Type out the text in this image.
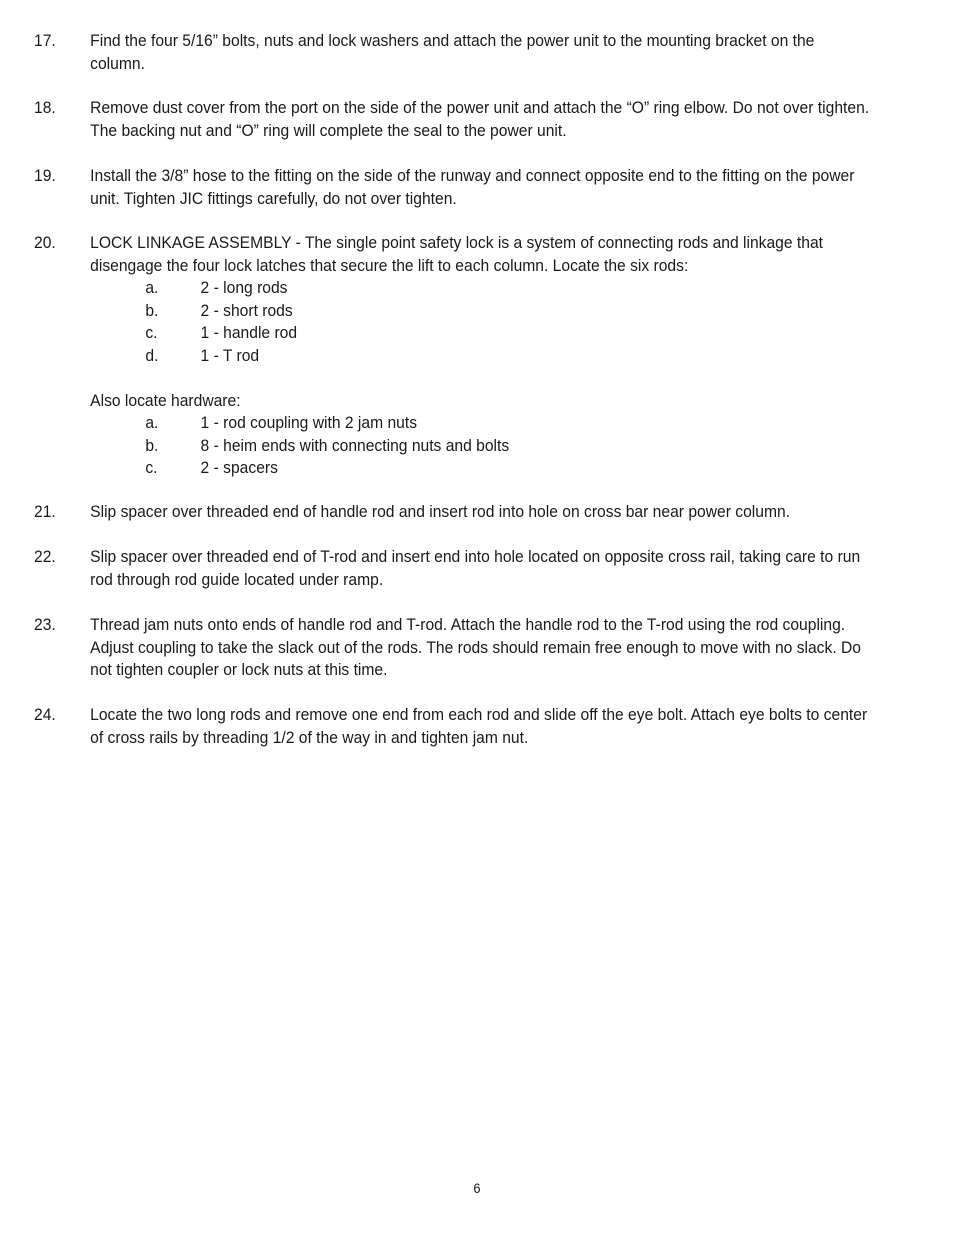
17. Find the four 5/16” bolts, nuts and lock washers and attach the power unit to the mounting bracket on the column.
18. Remove dust cover from the port on the side of the power unit and attach the “O” ring elbow. Do not over tighten. The backing nut and “O” ring will complete the seal to the power unit.
19. Install the 3/8” hose to the fitting on the side of the runway and connect opposite end to the fitting on the power unit. Tighten JIC fittings carefully, do not over tighten.
20. LOCK LINKAGE ASSEMBLY - The single point safety lock is a system of connecting rods and linkage that disengage the four lock latches that secure the lift to each column. Locate the six rods:
a. 2 - long rods
b. 2 - short rods
c.	1 - handle rod
d. 1 - T rod
Also locate hardware:
a. 1 - rod coupling with 2 jam nuts
b. 8 - heim ends with connecting nuts and bolts
c.	2 - spacers
21. Slip spacer over threaded end of handle rod and insert rod into hole on cross bar near power column.
22. Slip spacer over threaded end of T-rod and insert end into hole located on opposite cross rail, taking care to run rod through rod guide located under ramp.
23. Thread jam nuts onto ends of handle rod and T-rod. Attach the handle rod to the T-rod using the rod coupling. Adjust coupling to take the slack out of the rods. The rods should remain free enough to move with no slack. Do not tighten coupler or lock nuts at this time.
24. Locate the two long rods and remove one end from each rod and slide off the eye bolt. Attach eye bolts to center of cross rails by threading 1/2 of the way in and tighten jam nut.
6
